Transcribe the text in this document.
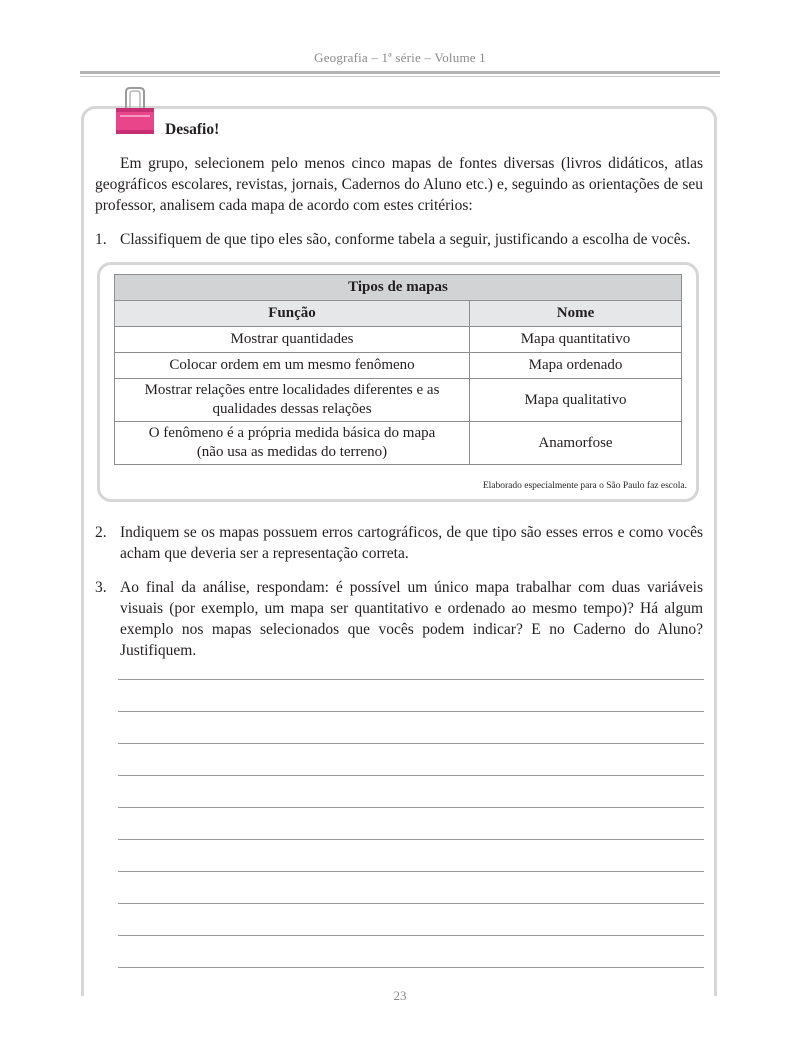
Geografia – 1ª série – Volume 1
Desafio!

Em grupo, selecionem pelo menos cinco mapas de fontes diversas (livros didáticos, atlas geográficos escolares, revistas, jornais, Cadernos do Aluno etc.) e, seguindo as orientações de seu professor, analisem cada mapa de acordo com estes critérios:

1. Classifiquem de que tipo eles são, conforme tabela a seguir, justificando a escolha de vocês.
Tipos de mapas	
Função	Nome
Mostrar quantidades	Mapa quantitativo
Colocar ordem em um mesmo fenômeno	Mapa ordenado
Mostrar relações entre localidades diferentes e as
qualidades dessas relações	Mapa qualitativo
O fenômeno é a própria medida básica do mapa
(não usa as medidas do terreno)	Anamorfose
Elaborado especialmente para o São Paulo faz escola.
2. Indiquem se os mapas possuem erros cartográficos, de que tipo são esses erros e como vocês acham que deveria ser a representação correta.
3. Ao final da análise, respondam: é possível um único mapa trabalhar com duas variáveis visuais (por exemplo, um mapa ser quantitativo e ordenado ao mesmo tempo)? Há algum exemplo nos mapas selecionados que vocês podem indicar? E no Caderno do Aluno? Justifiquem.
23
